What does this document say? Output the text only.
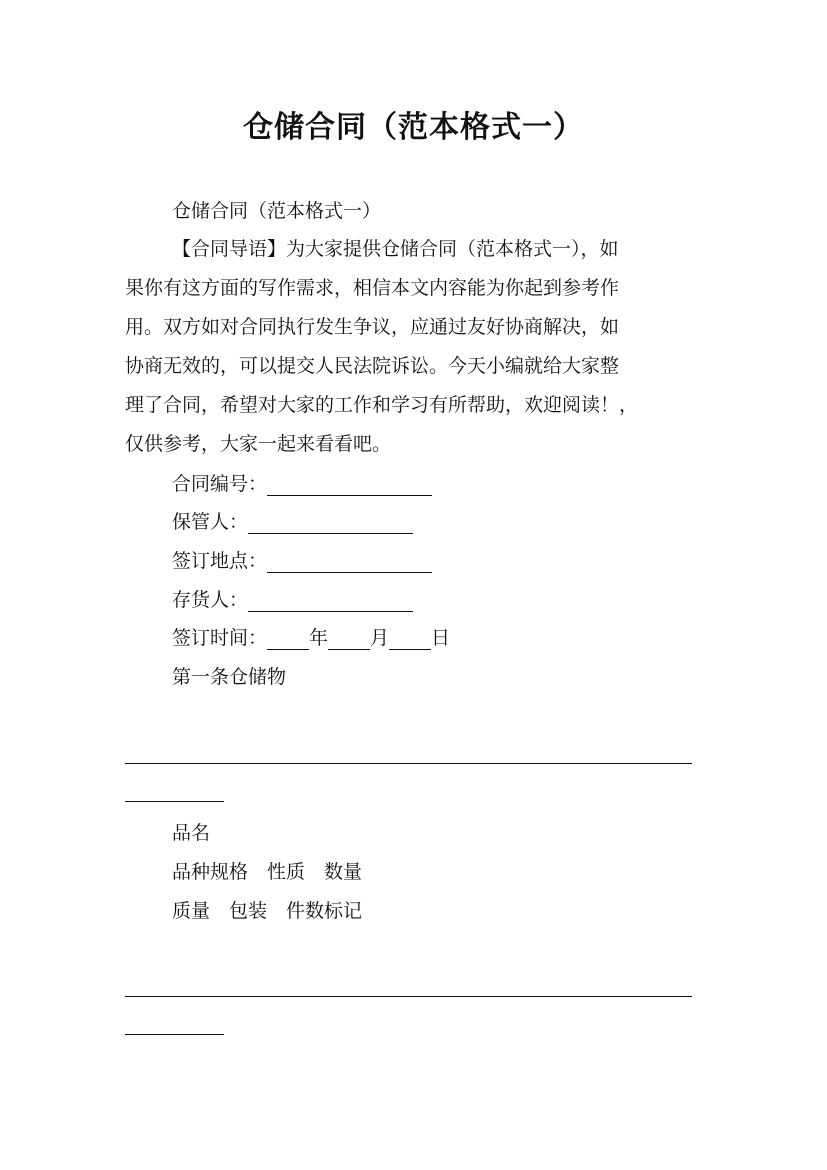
仓储合同（范本格式一）
仓储合同（范本格式一）
【合同导语】为大家提供仓储合同（范本格式一），如
果你有这方面的写作需求，相信本文内容能为你起到参考作
用。双方如对合同执行发生争议，应通过友好协商解决，如
协商无效的，可以提交人民法院诉讼。今天小编就给大家整
理了合同，希望对大家的工作和学习有所帮助，欢迎阅读！，
仅供参考，大家一起来看看吧。
合同编号：
保管人：
签订地点：
存货人：
签订时间： 年 月 日
第一条仓储物
品名
品种规格　性质　数量
质量　包装　件数标记
